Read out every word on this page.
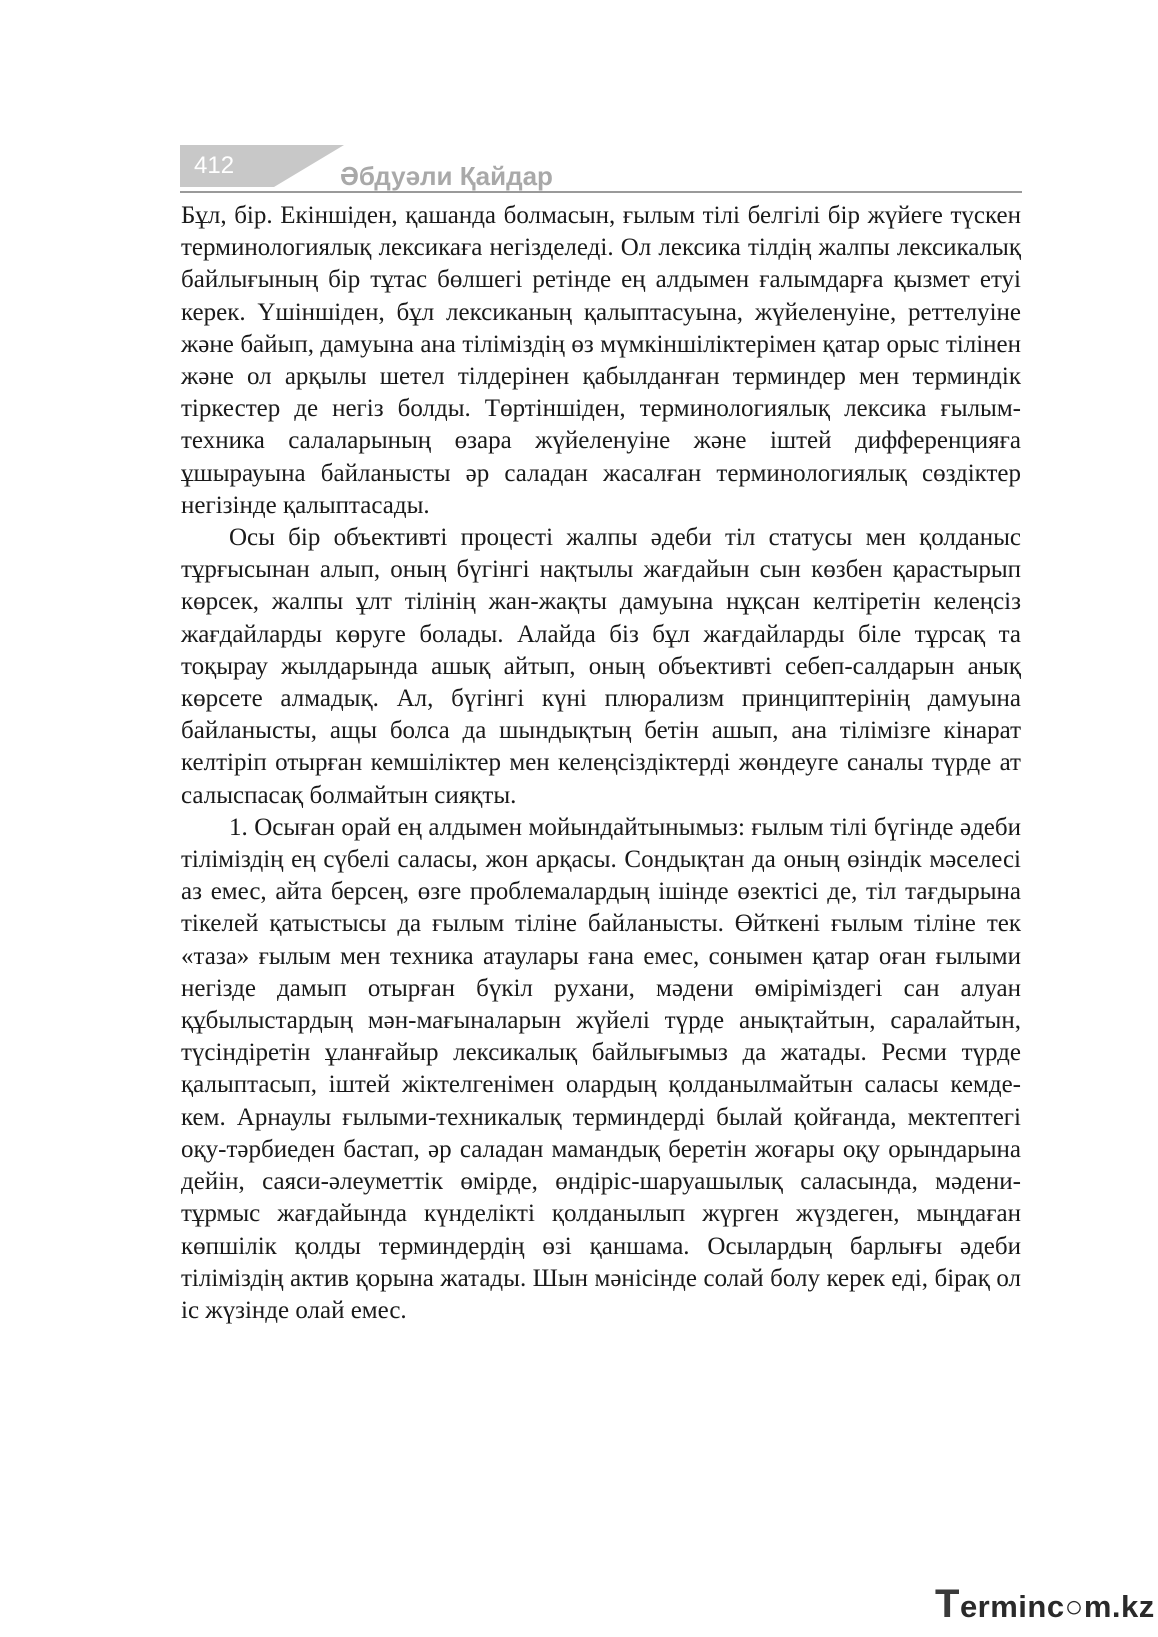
412	Әбдуәли Қайдар

Бұл, бір. Екіншіден, қашанда болмасын, ғылым тілі белгілі бір жүйеге түскен терминологиялық лексикаға негізделеді. Ол лексика тілдің жалпы лексикалық байлығының бір тұтас бөлшегі ретінде ең алдымен ғалымдарға қызмет етуі керек. Үшіншіден, бұл лексиканың қалыптасуына, жүйеленуіне, реттелуіне және байып, дамуына ана тіліміздің өз мүмкіншіліктерімен қатар орыс тілінен және ол арқылы шетел тілдерінен қабылданған терминдер мен терминдік тіркестер де негіз болды. Төртіншіден, терминологиялық лексика ғылым-техника салаларының өзара жүйеленуіне және іштей дифференцияға ұшырауына байланысты әр саладан жасалған терминологиялық сөздіктер негізінде қалыптасады.

Осы бір объективті процесті жалпы әдеби тіл статусы мен қолданыс тұрғысынан алып, оның бүгінгі нақтылы жағдайын сын көзбен қарастырып көрсек, жалпы ұлт тілінің жан-жақты дамуына нұқсан келтіретін келеңсіз жағдайларды көруге болады. Алайда біз бұл жағдайларды біле тұрсақ та тоқырау жылдарында ашық айтып, оның объективті себеп-салдарын анық көрсете алмадық. Ал, бүгінгі күні плюрализм принциптерінің дамуына байланысты, ащы болса да шындықтың бетін ашып, ана тілімізге кінарат келтіріп отырған кемшіліктер мен келеңсіздіктерді жөндеуге саналы түрде ат салыспасақ болмайтын сияқты.

1. Осыған орай ең алдымен мойындайтынымыз: ғылым тілі бүгінде әдеби тіліміздің ең сүбелі саласы, жон арқасы. Сондықтан да оның өзіндік мәселесі аз емес, айта берсең, өзге проблемалардың ішінде өзектісі де, тіл тағдырына тікелей қатыстысы да ғылым тіліне байланысты. Өйткені ғылым тіліне тек «таза» ғылым мен техника атаулары ғана емес, сонымен қатар оған ғылыми негізде дамып отырған бүкіл рухани, мәдени өміріміздегі сан алуан құбылыстардың мән-мағыналарын жүйелі түрде анықтайтын, саралайтын, түсіндіретін ұланғайыр лексикалық байлығымыз да жатады. Ресми түрде қалыптасып, іштей жіктелгенімен олардың қолданылмайтын саласы кемде-кем. Арнаулы ғылыми-техникалық терминдерді былай қойғанда, мектептегі оқу-тәрбиеден бастап, әр саладан мамандық беретін жоғары оқу орындарына дейін, саяси-әлеуметтік өмірде, өндіріс-шаруашылық саласында, мәдени-тұрмыс жағдайында күнделікті қолданылып жүрген жүздеген, мыңдаған көпшілік қолды терминдердің өзі қаншама. Осылардың барлығы әдеби тіліміздің актив қорына жатады. Шын мәнісінде солай болу керек еді, бірақ ол іс жүзінде олай емес.

Terminc○m.kz
